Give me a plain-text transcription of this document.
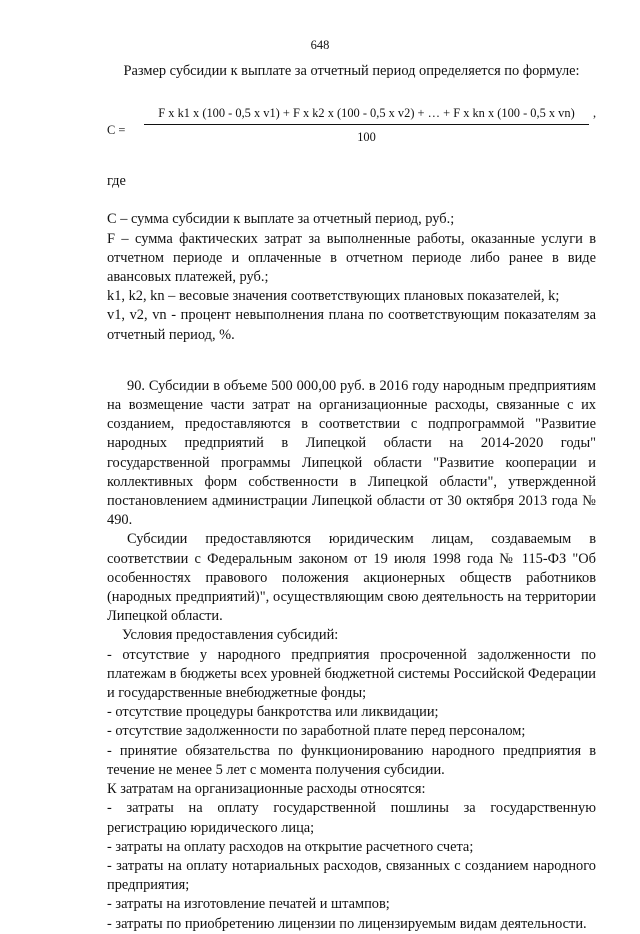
648

Размер субсидии к выплате за отчетный период определяется по формуле:

С =
F x k1 x (100 - 0,5 x v1) + F x k2 x (100 - 0,5 x v2) + … + F x kn x (100 - 0,5 x vn)
100
,

где

С – сумма субсидии к выплате за отчетный период, руб.;

F – сумма фактических затрат за выполненные работы, оказанные услуги в отчетном периоде и оплаченные в отчетном периоде либо ранее в виде авансовых платежей, руб.;

k1, k2, kn – весовые значения соответствующих плановых показателей, k;

v1, v2, vn - процент невыполнения плана по соответствующим показателям за отчетный период, %.

90. Субсидии в объеме 500 000,00 руб. в 2016 году народным предприятиям на возмещение части затрат на организационные расходы, связанные с их созданием, предоставляются в соответствии с подпрограммой "Развитие народных предприятий в Липецкой области на 2014-2020 годы" государственной программы Липецкой области "Развитие кооперации и коллективных форм собственности в Липецкой области", утвержденной постановлением администрации Липецкой области от 30 октября 2013 года № 490.

Субсидии предоставляются юридическим лицам, создаваемым в соответствии с Федеральным законом от 19 июля 1998 года № 115-ФЗ "Об особенностях правового положения акционерных обществ работников (народных предприятий)", осуществляющим свою деятельность на территории Липецкой области.

Условия предоставления субсидий:

- отсутствие у народного предприятия просроченной задолженности по платежам в бюджеты всех уровней бюджетной системы Российской Федерации и государственные внебюджетные фонды;

- отсутствие процедуры банкротства или ликвидации;

- отсутствие задолженности по заработной плате перед персоналом;

- принятие обязательства по функционированию народного предприятия в течение не менее 5 лет с момента получения субсидии.

К затратам на организационные расходы относятся:

- затраты на оплату государственной пошлины за государственную регистрацию юридического лица;

- затраты на оплату расходов на открытие расчетного счета;

- затраты на оплату нотариальных расходов, связанных с созданием народного предприятия;

- затраты на изготовление печатей и штампов;

- затраты по приобретению лицензии по лицензируемым видам деятельности.
